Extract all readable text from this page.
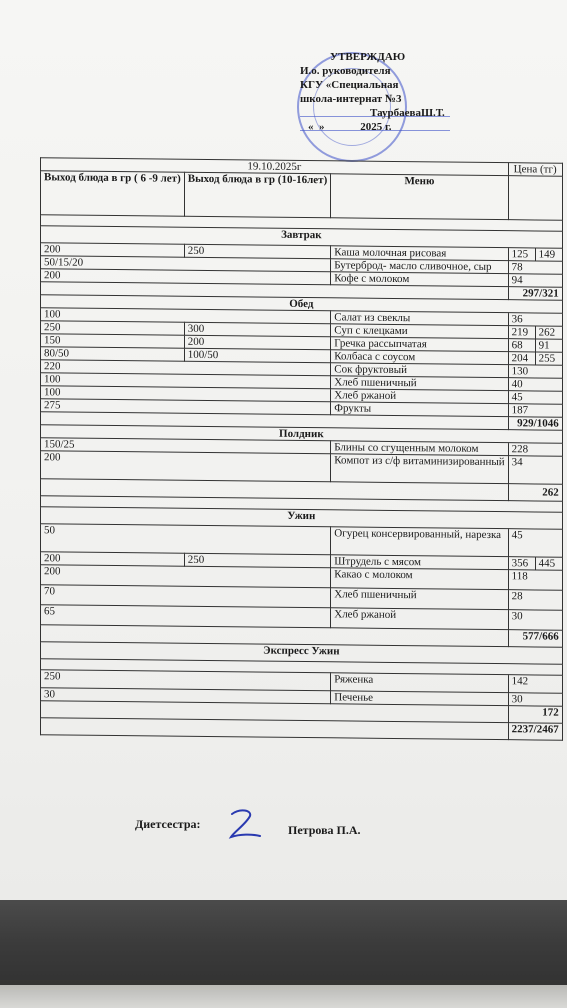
УТВЕРЖДАЮ
И.о. руководителя
КГУ «Специальная
школа-интернат №3
ТаурбаеваШ.Т.
«  »             2025 г.
19.10.2025г			Цена (тг)	
Выход блюда в гр ( 6 -9 лет)	Выход блюда в гр (10-16лет)	Меню		

Завтрак				
200	250	Каша молочная рисовая	125	149
50/15/20		Бутерброд- масло сливочное, сыр	78	
200		Кофе с молоком	94	
			297/321	
Обед				
100		Салат из свеклы	36	
250	300	Суп с клецками	219	262
150	200	Гречка рассыпчатая	68	91
80/50	100/50	Колбаса с соусом	204	255
220		Сок фруктовый	130	
100		Хлеб пшеничный	40	
100		Хлеб ржаной	45	
275		Фрукты	187	
			929/1046	
Полдник				
150/25		Блины со сгущенным молоком	228	
200		Компот из с/ф витаминизированный	34	
			262	

Ужин				
50		Огурец консервированный, нарезка	45	
200	250	Штрудель с мясом	356	445
200		Какао с молоком	118	
70		Хлеб пшеничный	28	
65		Хлеб ржаной	30	
			577/666	
Экспресс Ужин				

250		Ряженка	142	
30		Печенье	30	
			172	
			2237/2467	
Диетсестра:	Петрова П.А.
